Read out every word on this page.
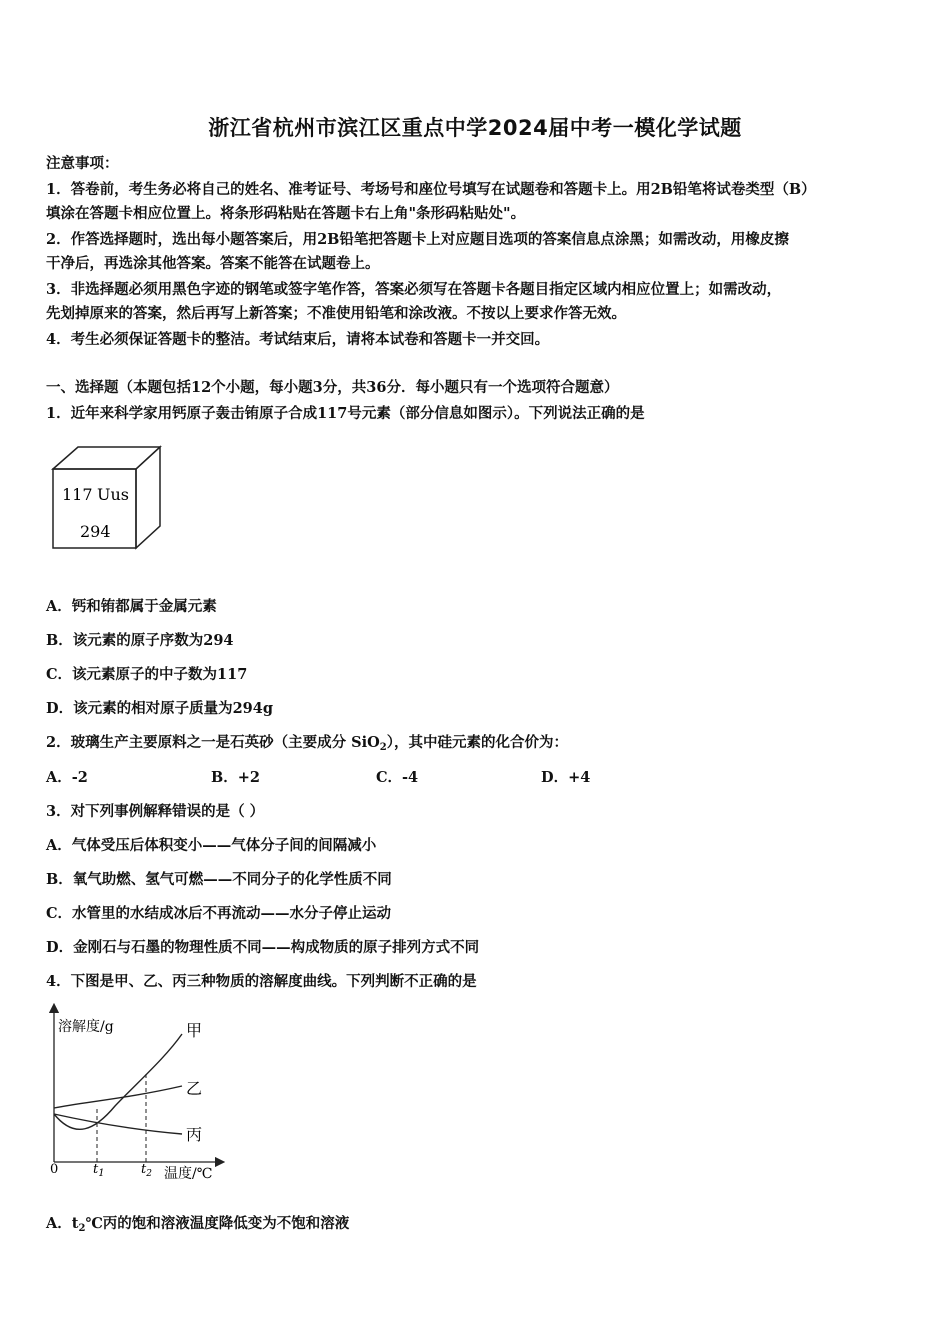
浙江省杭州市滨江区重点中学2024届中考一模化学试题
注意事项：
1．答卷前，考生务必将自己的姓名、准考证号、考场号和座位号填写在试题卷和答题卡上。用2B铅笔将试卷类型（B）
填涂在答题卡相应位置上。将条形码粘贴在答题卡右上角"条形码粘贴处"。
2．作答选择题时，选出每小题答案后，用2B铅笔把答题卡上对应题目选项的答案信息点涂黑；如需改动，用橡皮擦
干净后，再选涂其他答案。答案不能答在试题卷上。
3．非选择题必须用黑色字迹的钢笔或签字笔作答，答案必须写在答题卡各题目指定区域内相应位置上；如需改动，
先划掉原来的答案，然后再写上新答案；不准使用铅笔和涂改液。不按以上要求作答无效。
4．考生必须保证答题卡的整洁。考试结束后，请将本试卷和答题卡一并交回。
一、选择题（本题包括12个小题，每小题3分，共36分．每小题只有一个选项符合题意）
1．近年来科学家用钙原子轰击铕原子合成117号元素（部分信息如图示）。下列说法正确的是
117 Uus
294
A．钙和铕都属于金属元素
B．该元素的原子序数为294
C．该元素原子的中子数为117
D．该元素的相对原子质量为294g
2．玻璃生产主要原料之一是石英砂（主要成分 SiO$_2$），其中硅元素的化合价为：
A．-2	B．+2	C．-4	D．+4
3．对下列事例解释错误的是（ ）
A．气体受压后体积变小——气体分子间的间隔减小
B．氧气助燃、氢气可燃——不同分子的化学性质不同
C．水管里的水结成冰后不再流动——水分子停止运动
D．金刚石与石墨的物理性质不同——构成物质的原子排列方式不同
4．下图是甲、乙、丙三种物质的溶解度曲线。下列判断不正确的是
溶解度/g
温度/℃
0	$t_1$	$t_2$
甲
乙
丙
A．$t_2℃$丙的饱和溶液温度降低变为不饱和溶液
